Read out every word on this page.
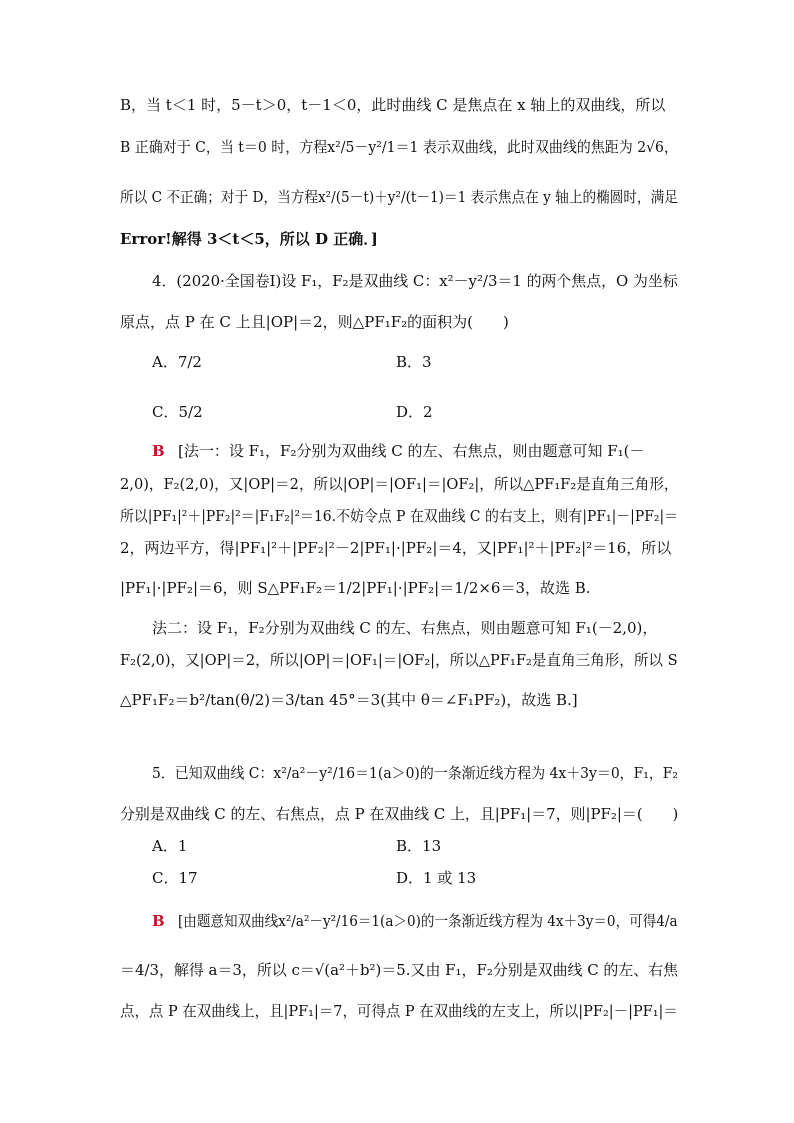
B，当 t＜1 时，5－t＞0，t－1＜0，此时曲线 C 是焦点在 x 轴上的双曲线，所以
B 正确对于 C，当 t＝0 时，方程x²/5－y²/1＝1 表示双曲线，此时双曲线的焦距为 2√6，
所以 C 不正确；对于 D，当方程x²/(5－t)＋y²/(t－1)＝1 表示焦点在 y 轴上的椭圆时，满足
Error!解得 3＜t＜5，所以 D 正确．]
4．(2020·全国卷Ⅰ)设 F₁，F₂是双曲线 C：x²－y²/3＝1 的两个焦点，O 为坐标
原点，点 P 在 C 上且|OP|＝2，则△PF₁F₂的面积为(　　)
A．7/2	B．3
C．5/2	D．2
B [法一：设 F₁，F₂分别为双曲线 C 的左、右焦点，则由题意可知 F₁(－
2,0)，F₂(2,0)，又|OP|＝2，所以|OP|＝|OF₁|＝|OF₂|，所以△PF₁F₂是直角三角形，
所以|PF₁|²＋|PF₂|²＝|F₁F₂|²＝16.不妨令点 P 在双曲线 C 的右支上，则有|PF₁|－|PF₂|＝
2，两边平方，得|PF₁|²＋|PF₂|²－2|PF₁|·|PF₂|＝4，又|PF₁|²＋|PF₂|²＝16，所以
|PF₁|·|PF₂|＝6，则 S△PF₁F₂＝1/2|PF₁|·|PF₂|＝1/2×6＝3，故选 B.
法二：设 F₁，F₂分别为双曲线 C 的左、右焦点，则由题意可知 F₁(－2,0)，
F₂(2,0)，又|OP|＝2，所以|OP|＝|OF₁|＝|OF₂|，所以△PF₁F₂是直角三角形，所以 S
△PF₁F₂＝b²/tan(θ/2)＝3/tan 45°＝3(其中 θ＝∠F₁PF₂)，故选 B.]
5．已知双曲线 C：x²/a²－y²/16＝1(a＞0)的一条渐近线方程为 4x＋3y＝0，F₁，F₂
分别是双曲线 C 的左、右焦点，点 P 在双曲线 C 上，且|PF₁|＝7，则|PF₂|＝(　　)
A．1	B．13
C．17	D．1 或 13
B [由题意知双曲线x²/a²－y²/16＝1(a＞0)的一条渐近线方程为 4x＋3y＝0，可得4/a
＝4/3，解得 a＝3，所以 c＝√(a²＋b²)＝5.又由 F₁，F₂分别是双曲线 C 的左、右焦
点，点 P 在双曲线上，且|PF₁|＝7，可得点 P 在双曲线的左支上，所以|PF₂|－|PF₁|＝
